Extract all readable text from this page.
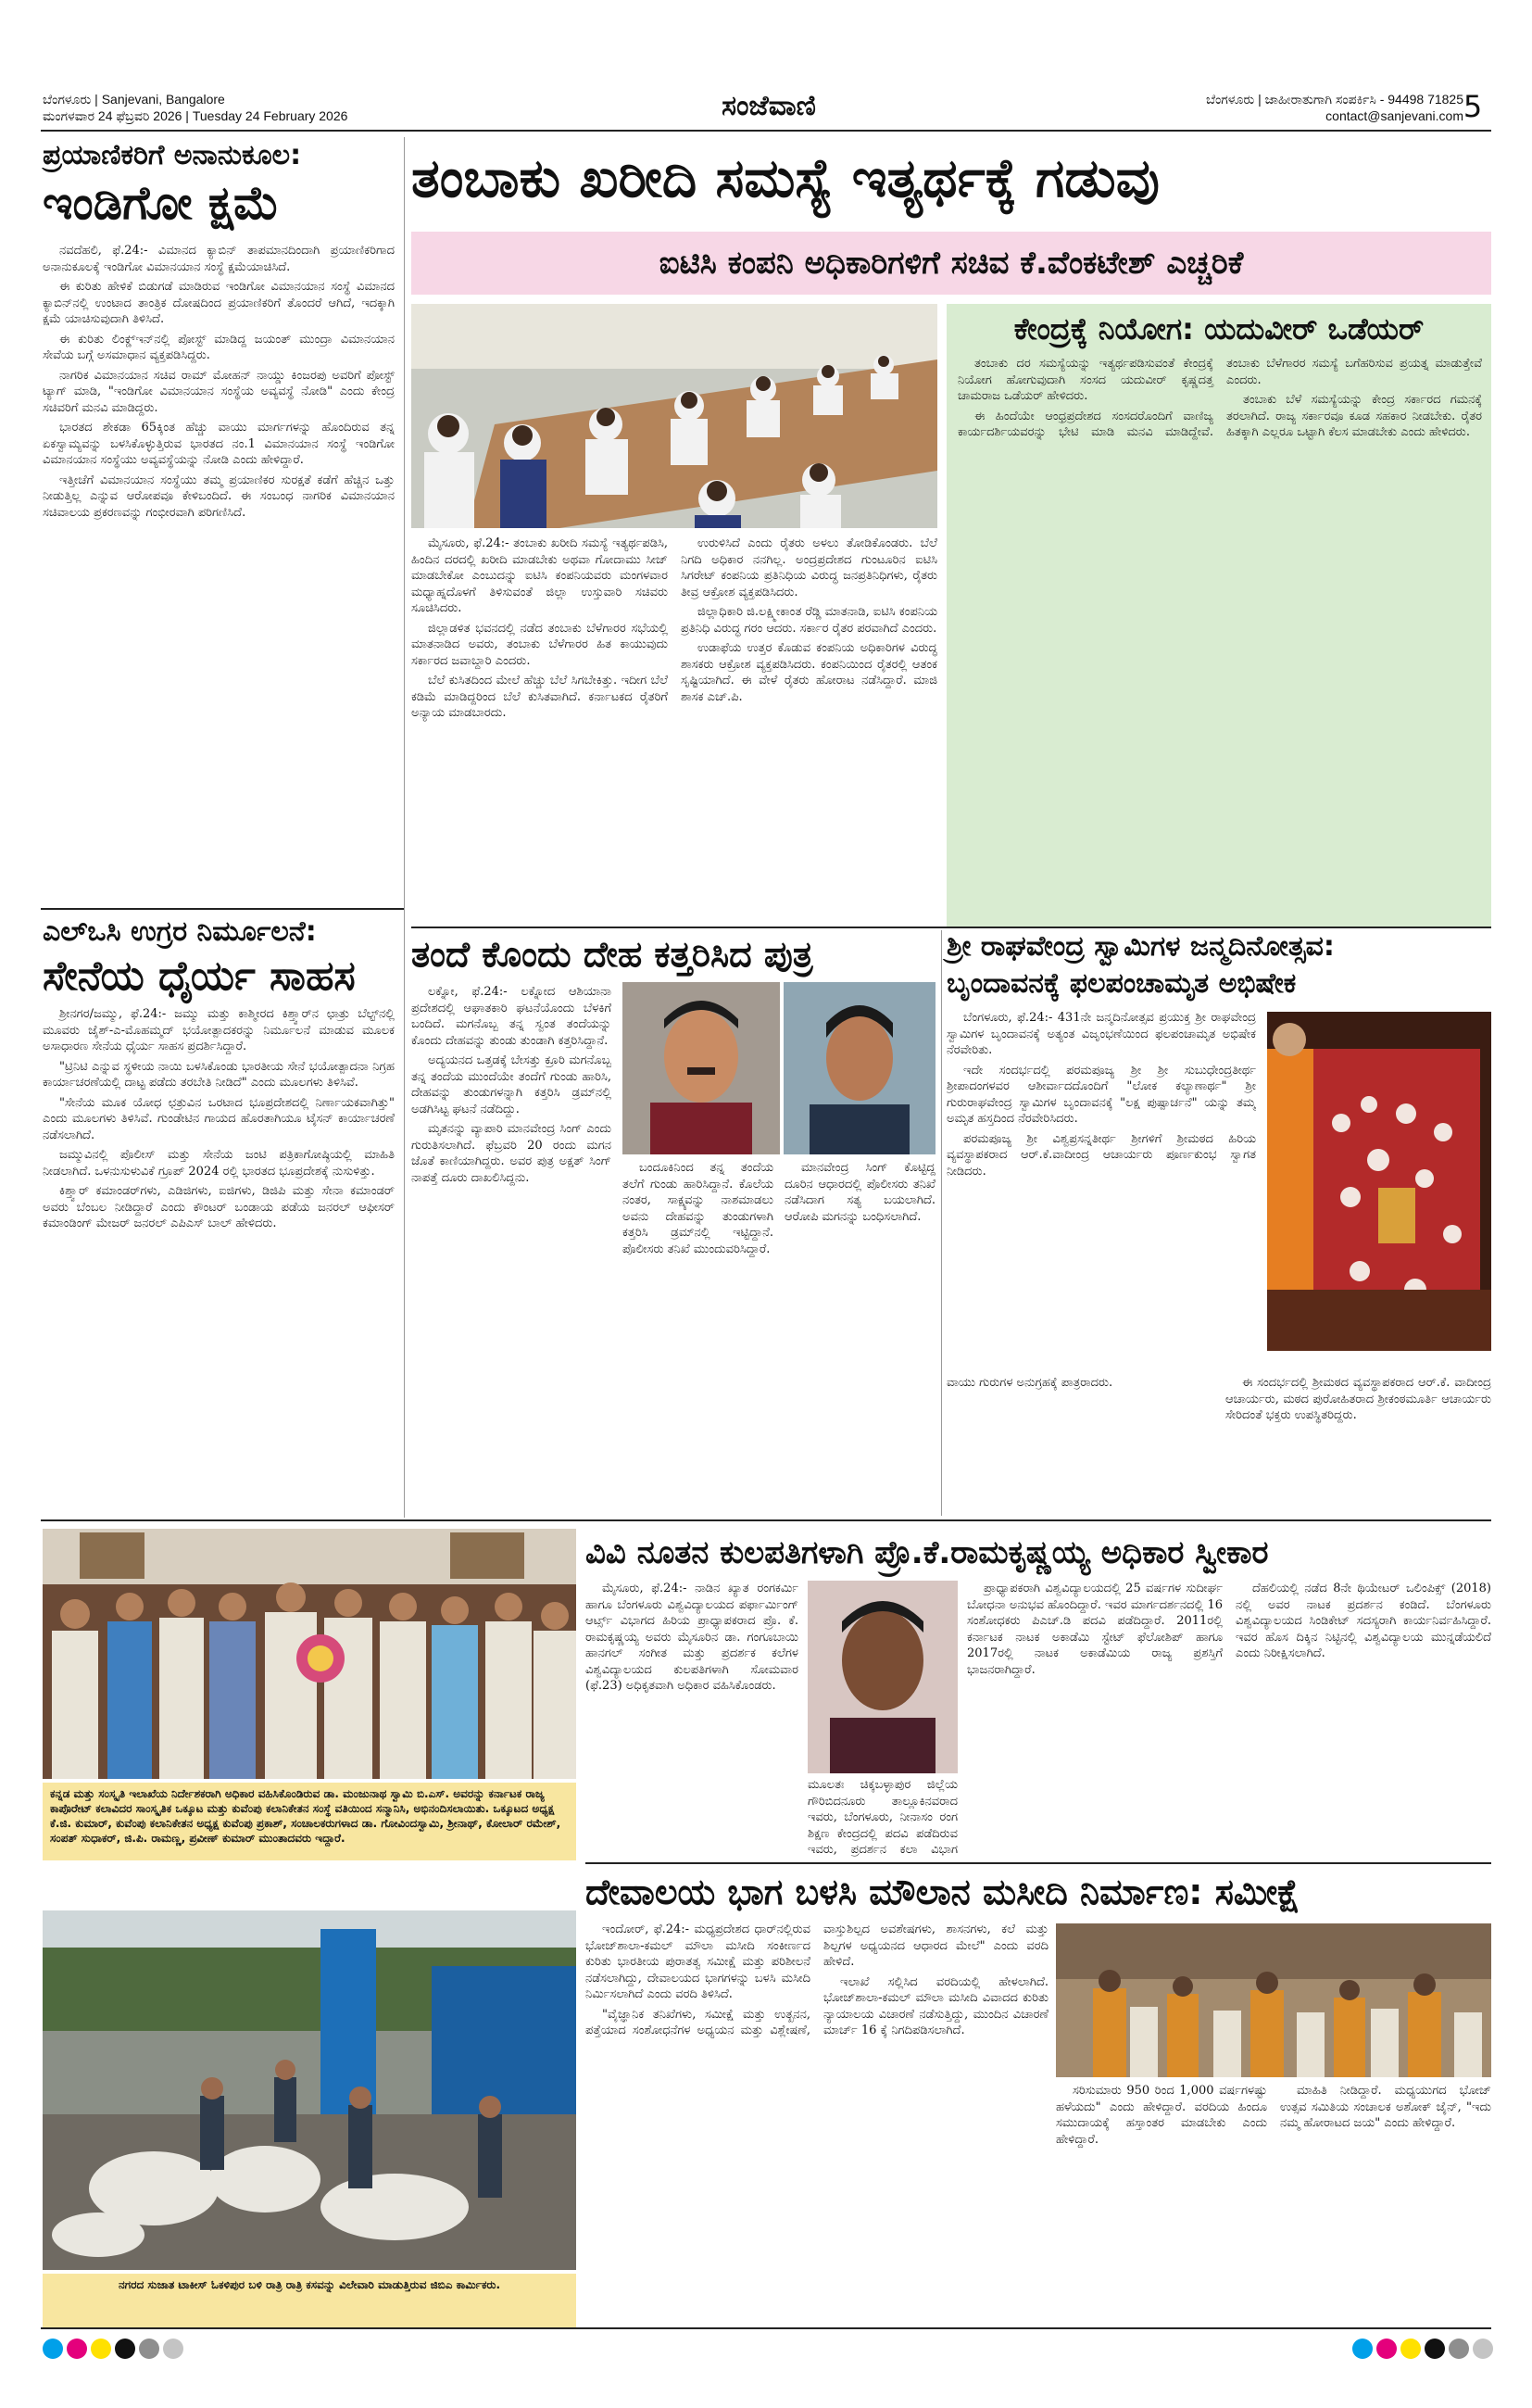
ಬೆಂಗಳೂರು | Sanjevani, Bangalore
ಮಂಗಳವಾರ 24 ಫೆಬ್ರವರಿ 2026 | Tuesday 24 February 2026	ಸಂಜೆವಾಣಿ	ಬೆಂಗಳೂರು | ಜಾಹೀರಾತುಗಾಗಿ ಸಂಪರ್ಕಿಸಿ - 94498 71825
contact@sanjevani.com 5
ಪ್ರಯಾಣಿಕರಿಗೆ ಅನಾನುಕೂಲ:
ಇಂಡಿಗೋ ಕ್ಷಮೆ

ನವದೆಹಲಿ, ಫೆ.24:- ವಿಮಾನದ ಕ್ಯಾಬಿನ್ ತಾಪಮಾನದಿಂದಾಗಿ ಪ್ರಯಾಣಿಕರಿಗಾದ ಅನಾನುಕೂಲಕ್ಕೆ ಇಂಡಿಗೋ ವಿಮಾನಯಾನ ಸಂಸ್ಥೆ ಕ್ಷಮೆಯಾಚಿಸಿದೆ.

ಈ ಕುರಿತು ಹೇಳಿಕೆ ಬಿಡುಗಡೆ ಮಾಡಿರುವ ಇಂಡಿಗೋ ವಿಮಾನಯಾನ ಸಂಸ್ಥೆ ವಿಮಾನದ ಕ್ಯಾಬಿನ್‌ನಲ್ಲಿ ಉಂಟಾದ ತಾಂತ್ರಿಕ ದೋಷದಿಂದ ಪ್ರಯಾಣಿಕರಿಗೆ ತೊಂದರೆ ಆಗಿದೆ, ಇದಕ್ಕಾಗಿ ಕ್ಷಮೆ ಯಾಚಿಸುವುದಾಗಿ ತಿಳಿಸಿದೆ.

ಈ ಕುರಿತು ಲಿಂಕ್ಡ್‌ಇನ್‌ನಲ್ಲಿ ಪೋಸ್ಟ್ ಮಾಡಿದ್ದ ಜಯಂತ್ ಮುಂದ್ರಾ ವಿಮಾನಯಾನ ಸೇವೆಯ ಬಗ್ಗೆ ಅಸಮಾಧಾನ ವ್ಯಕ್ತಪಡಿಸಿದ್ದರು.

ನಾಗರಿಕ ವಿಮಾನಯಾನ ಸಚಿವ ರಾಮ್ ಮೋಹನ್ ನಾಯ್ಡು ಕಿಂಜರಪು ಅವರಿಗೆ ಪೋಸ್ಟ್ ಟ್ಯಾಗ್ ಮಾಡಿ, "ಇಂಡಿಗೋ ವಿಮಾನಯಾನ ಸಂಸ್ಥೆಯ ಅವ್ಯವಸ್ಥೆ ನೋಡಿ" ಎಂದು ಕೇಂದ್ರ ಸಚಿವರಿಗೆ ಮನವಿ ಮಾಡಿದ್ದರು.

ಭಾರತದ ಶೇಕಡಾ 65ಕ್ಕಿಂತ ಹೆಚ್ಚು ವಾಯು ಮಾರ್ಗಗಳನ್ನು ಹೊಂದಿರುವ ತನ್ನ ಏಕಸ್ವಾಮ್ಯವನ್ನು ಬಳಸಿಕೊಳ್ಳುತ್ತಿರುವ ಭಾರತದ ನಂ.1 ವಿಮಾನಯಾನ ಸಂಸ್ಥೆ ಇಂಡಿಗೋ ವಿಮಾನಯಾನ ಸಂಸ್ಥೆಯು ಅವ್ಯವಸ್ಥೆಯನ್ನು ನೋಡಿ ಎಂದು ಹೇಳಿದ್ದಾರೆ.

ಇತ್ತೀಚೆಗೆ ವಿಮಾನಯಾನ ಸಂಸ್ಥೆಯು ತಮ್ಮ ಪ್ರಯಾಣಿಕರ ಸುರಕ್ಷತೆ ಕಡೆಗೆ ಹೆಚ್ಚಿನ ಒತ್ತು ನೀಡುತ್ತಿಲ್ಲ ಎನ್ನುವ ಆರೋಪವೂ ಕೇಳಿಬಂದಿದೆ. ಈ ಸಂಬಂಧ ನಾಗರಿಕ ವಿಮಾನಯಾನ ಸಚಿವಾಲಯ ಪ್ರಕರಣವನ್ನು ಗಂಭೀರವಾಗಿ ಪರಿಗಣಿಸಿದೆ.

ಎಲ್‌ಒಸಿ ಉಗ್ರರ ನಿರ್ಮೂಲನೆ:
ಸೇನೆಯ ಧೈರ್ಯ ಸಾಹಸ

ಶ್ರೀನಗರ/ಜಮ್ಮು, ಫೆ.24:- ಜಮ್ಮು ಮತ್ತು ಕಾಶ್ಮೀರದ ಕಿಶ್ತ್ವಾರ್‌ನ ಛಾತ್ರು ಬೆಲ್ಟ್‌ನಲ್ಲಿ ಮೂವರು ಜೈಶ್-ಎ-ಮೊಹಮ್ಮದ್ ಭಯೋತ್ಪಾದಕರನ್ನು ನಿರ್ಮೂಲನೆ ಮಾಡುವ ಮೂಲಕ ಅಸಾಧಾರಣ ಸೇನೆಯ ಧೈರ್ಯ ಸಾಹಸ ಪ್ರದರ್ಶಿಸಿದ್ದಾರೆ.

"ಟ್ರಿನಿಟಿ ಎನ್ನುವ ಸ್ಥಳೀಯ ನಾಯಿ ಬಳಸಿಕೊಂಡು ಭಾರತೀಯ ಸೇನೆ ಭಯೋತ್ಪಾದನಾ ನಿಗ್ರಹ ಕಾರ್ಯಾಚರಣೆಯಲ್ಲಿ ದಾಟ್ಟ ಪಡೆದು ತರಬೇತಿ ನೀಡಿದೆ" ಎಂದು ಮೂಲಗಳು ತಿಳಿಸಿವೆ.

"ಸೇನೆಯ ಮೂಕ ಯೋಧ ಛತ್ರುವಿನ ಒರಟಾದ ಭೂಪ್ರದೇಶದಲ್ಲಿ ನಿರ್ಣಾಯಕವಾಗಿತ್ತು" ಎಂದು ಮೂಲಗಳು ತಿಳಿಸಿವೆ. ಗುಂಡೇಟಿನ ಗಾಯದ ಹೊರತಾಗಿಯೂ ಟೈಸನ್ ಕಾರ್ಯಾಚರಣೆ ನಡೆಸಲಾಗಿದೆ.

ಜಮ್ಮುವಿನಲ್ಲಿ ಪೊಲೀಸ್ ಮತ್ತು ಸೇನೆಯ ಜಂಟಿ ಪತ್ರಿಕಾಗೋಷ್ಠಿಯಲ್ಲಿ ಮಾಹಿತಿ ನೀಡಲಾಗಿದೆ. ಒಳನುಸುಳುವಿಕೆ ಗ್ರೂಪ್ 2024 ರಲ್ಲಿ ಭಾರತದ ಭೂಪ್ರದೇಶಕ್ಕೆ ನುಸುಳಿತ್ತು.

ಕಿಶ್ತ್ವಾರ್ ಕಮಾಂಡರ್‌ಗಳು, ಎಡಿಜಿಗಳು, ಐಜಿಗಳು, ಡಿಜಿಪಿ ಮತ್ತು ಸೇನಾ ಕಮಾಂಡರ್ ಅವರು ಬೆಂಬಲ ನೀಡಿದ್ದಾರೆ ಎಂದು ಕೌಂಟರ್ ಬಂಡಾಯ ಪಡೆಯ ಜನರಲ್ ಆಫೀಸರ್ ಕಮಾಂಡಿಂಗ್ ಮೇಜರ್ ಜನರಲ್ ಎಪಿಎಸ್ ಬಾಲ್ ಹೇಳಿದರು.

ತಂಬಾಕು ಖರೀದಿ ಸಮಸ್ಯೆ ಇತ್ಯರ್ಥಕ್ಕೆ ಗಡುವು
ಐಟಿಸಿ ಕಂಪನಿ ಅಧಿಕಾರಿಗಳಿಗೆ ಸಚಿವ ಕೆ.ವೆಂಕಟೇಶ್ ಎಚ್ಚರಿಕೆ

ಮೈಸೂರು, ಫೆ.24:- ತಂಬಾಕು ಖರೀದಿ ಸಮಸ್ಯೆ ಇತ್ಯರ್ಥಪಡಿಸಿ, ಹಿಂದಿನ ದರದಲ್ಲಿ ಖರೀದಿ ಮಾಡಬೇಕು ಅಥವಾ ಗೋದಾಮು ಸೀಜ್ ಮಾಡಬೇಕೋ ಎಂಬುದನ್ನು ಐಟಿಸಿ ಕಂಪನಿಯವರು ಮಂಗಳವಾರ ಮಧ್ಯಾಹ್ನದೊಳಗೆ ತಿಳಿಸುವಂತೆ ಜಿಲ್ಲಾ ಉಸ್ತುವಾರಿ ಸಚಿವರು ಸೂಚಿಸಿದರು.

ಜಿಲ್ಲಾಡಳಿತ ಭವನದಲ್ಲಿ ನಡೆದ ತಂಬಾಕು ಬೆಳೆಗಾರರ ಸಭೆಯಲ್ಲಿ ಮಾತನಾಡಿದ ಅವರು, ತಂಬಾಕು ಬೆಳೆಗಾರರ ಹಿತ ಕಾಯುವುದು ಸರ್ಕಾರದ ಜವಾಬ್ದಾರಿ ಎಂದರು.

ಬೆಲೆ ಕುಸಿತದಿಂದ ಮೇಲೆ ಹೆಚ್ಚು ಬೆಲೆ ಸಿಗಬೇಕಿತ್ತು. ಇದೀಗ ಬೆಲೆ ಕಡಿಮೆ ಮಾಡಿದ್ದರಿಂದ ಬೆಲೆ ಕುಸಿತವಾಗಿದೆ. ಕರ್ನಾಟಕದ ರೈತರಿಗೆ ಅನ್ಯಾಯ ಮಾಡಬಾರದು.

ಉರುಳಿಸಿದೆ ಎಂದು ರೈತರು ಅಳಲು ತೋಡಿಕೊಂಡರು. ಬೆಲೆ ನಿಗದಿ ಅಧಿಕಾರ ನನಗಿಲ್ಲ. ಅಂದ್ರಪ್ರದೇಶದ ಗುಂಟೂರಿನ ಐಟಿಸಿ ಸಿಗರೇಟ್ ಕಂಪನಿಯ ಪ್ರತಿನಿಧಿಯ ವಿರುದ್ಧ ಜನಪ್ರತಿನಿಧಿಗಳು, ರೈತರು ತೀವ್ರ ಆಕ್ರೋಶ ವ್ಯಕ್ತಪಡಿಸಿದರು.

ಜಿಲ್ಲಾಧಿಕಾರಿ ಜಿ.ಲಕ್ಷ್ಮೀಕಾಂತ ರೆಡ್ಡಿ ಮಾತನಾಡಿ, ಐಟಿಸಿ ಕಂಪನಿಯ ಪ್ರತಿನಿಧಿ ವಿರುದ್ಧ ಗರಂ ಆದರು. ಸರ್ಕಾರ ರೈತರ ಪರವಾಗಿದೆ ಎಂದರು.

ಉಡಾಫೆಯ ಉತ್ತರ ಕೊಡುವ ಕಂಪನಿಯ ಅಧಿಕಾರಿಗಳ ವಿರುದ್ಧ ಶಾಸಕರು ಆಕ್ರೋಶ ವ್ಯಕ್ತಪಡಿಸಿದರು. ಕಂಪನಿಯಿಂದ ರೈತರಲ್ಲಿ ಆತಂಕ ಸೃಷ್ಟಿಯಾಗಿದೆ. ಈ ವೇಳೆ ರೈತರು ಹೋರಾಟ ನಡೆಸಿದ್ದಾರೆ. ಮಾಜಿ ಶಾಸಕ ಎಚ್.ಪಿ.

ಕೇಂದ್ರಕ್ಕೆ ನಿಯೋಗ: ಯದುವೀರ್ ಒಡೆಯರ್

ತಂಬಾಕು ದರ ಸಮಸ್ಯೆಯನ್ನು ಇತ್ಯರ್ಥಪಡಿಸುವಂತೆ ಕೇಂದ್ರಕ್ಕೆ ನಿಯೋಗ ಹೋಗುವುದಾಗಿ ಸಂಸದ ಯದುವೀರ್ ಕೃಷ್ಣದತ್ತ ಚಾಮರಾಜ ಒಡೆಯರ್ ಹೇಳಿದರು.

ಈ ಹಿಂದೆಯೇ ಆಂಧ್ರಪ್ರದೇಶದ ಸಂಸದರೊಂದಿಗೆ ವಾಣಿಜ್ಯ ಕಾರ್ಯದರ್ಶಿಯವರನ್ನು ಭೇಟಿ ಮಾಡಿ ಮನವಿ ಮಾಡಿದ್ದೇವೆ. ತಂಬಾಕು ಬೆಳೆಗಾರರ ಸಮಸ್ಯೆ ಬಗೆಹರಿಸುವ ಪ್ರಯತ್ನ ಮಾಡುತ್ತೇವೆ ಎಂದರು.

ತಂಬಾಕು ಬೆಳೆ ಸಮಸ್ಯೆಯನ್ನು ಕೇಂದ್ರ ಸರ್ಕಾರದ ಗಮನಕ್ಕೆ ತರಲಾಗಿದೆ. ರಾಜ್ಯ ಸರ್ಕಾರವೂ ಕೂಡ ಸಹಕಾರ ನೀಡಬೇಕು. ರೈತರ ಹಿತಕ್ಕಾಗಿ ಎಲ್ಲರೂ ಒಟ್ಟಾಗಿ ಕೆಲಸ ಮಾಡಬೇಕು ಎಂದು ಹೇಳಿದರು.

ತಂದೆ ಕೊಂದು ದೇಹ ಕತ್ತರಿಸಿದ ಪುತ್ರ

ಲಕ್ನೋ, ಫೆ.24:- ಲಕ್ನೋದ ಆಶಿಯಾನಾ ಪ್ರದೇಶದಲ್ಲಿ ಆಘಾತಕಾರಿ ಘಟನೆಯೊಂದು ಬೆಳಕಿಗೆ ಬಂದಿದೆ. ಮಗನೊಬ್ಬ ತನ್ನ ಸ್ವಂತ ತಂದೆಯನ್ನು ಕೊಂದು ದೇಹವನ್ನು ತುಂಡು ತುಂಡಾಗಿ ಕತ್ತರಿಸಿದ್ದಾನೆ.

ಅದ್ಯಯನದ ಒತ್ತಡಕ್ಕೆ ಬೇಸತ್ತು ಕ್ರೂರಿ ಮಗನೊಬ್ಬ ತನ್ನ ತಂದೆಯ ಮುಂದೆಯೇ ತಂದೆಗೆ ಗುಂಡು ಹಾರಿಸಿ, ದೇಹವನ್ನು ತುಂಡುಗಳನ್ನಾಗಿ ಕತ್ತರಿಸಿ ಡ್ರಮ್‌ನಲ್ಲಿ ಅಡಗಿಸಿಟ್ಟ ಘಟನೆ ನಡೆದಿದ್ದು.

ಮೃತನನ್ನು ವ್ಯಾಪಾರಿ ಮಾನವೇಂದ್ರ ಸಿಂಗ್ ಎಂದು ಗುರುತಿಸಲಾಗಿದೆ. ಫೆಬ್ರವರಿ 20 ರಂದು ಮಗನ ಜೊತೆ ಕಾಣಿಯಾಗಿದ್ದರು. ಅವರ ಪುತ್ರ ಅಕ್ಷತ್ ಸಿಂಗ್ ನಾಪತ್ತೆ ದೂರು ದಾಖಲಿಸಿದ್ದನು.

ಬಂದೂಕಿನಿಂದ ತನ್ನ ತಂದೆಯ ತಲೆಗೆ ಗುಂಡು ಹಾರಿಸಿದ್ದಾನೆ. ಕೊಲೆಯ ನಂತರ, ಸಾಕ್ಷ್ಯವನ್ನು ನಾಶಮಾಡಲು ಅವನು ದೇಹವನ್ನು ತುಂಡುಗಳಾಗಿ ಕತ್ತರಿಸಿ ಡ್ರಮ್‌ನಲ್ಲಿ ಇಟ್ಟಿದ್ದಾನೆ. ಪೊಲೀಸರು ತನಿಖೆ ಮುಂದುವರಿಸಿದ್ದಾರೆ.

ಮಾನವೇಂದ್ರ ಸಿಂಗ್ ಕೊಟ್ಟಿದ್ದ ದೂರಿನ ಆಧಾರದಲ್ಲಿ ಪೊಲೀಸರು ತನಿಖೆ ನಡೆಸಿದಾಗ ಸತ್ಯ ಬಯಲಾಗಿದೆ. ಆರೋಪಿ ಮಗನನ್ನು ಬಂಧಿಸಲಾಗಿದೆ.

ಶ್ರೀ ರಾಘವೇಂದ್ರ ಸ್ವಾಮಿಗಳ ಜನ್ಮದಿನೋತ್ಸವ:
ಬೃಂದಾವನಕ್ಕೆ ಫಲಪಂಚಾಮೃತ ಅಭಿಷೇಕ

ಬೆಂಗಳೂರು, ಫೆ.24:- 431ನೇ ಜನ್ಮದಿನೋತ್ಸವ ಪ್ರಯುಕ್ತ ಶ್ರೀ ರಾಘವೇಂದ್ರ ಸ್ವಾಮಿಗಳ ಬೃಂದಾವನಕ್ಕೆ ಅತ್ಯಂತ ವಿಜೃಂಭಣೆಯಿಂದ ಫಲಪಂಚಾಮೃತ ಅಭಿಷೇಕ ನೆರವೇರಿತು.

ಇದೇ ಸಂದರ್ಭದಲ್ಲಿ ಪರಮಪೂಜ್ಯ ಶ್ರೀ ಶ್ರೀ ಸುಬುಧೇಂದ್ರತೀರ್ಥ ಶ್ರೀಪಾದಂಗಳವರ ಆಶೀರ್ವಾದದೊಂದಿಗೆ "ಲೋಕ ಕಲ್ಯಾಣಾರ್ಥ" ಶ್ರೀ ಗುರುರಾಘವೇಂದ್ರ ಸ್ವಾಮಿಗಳ ಬೃಂದಾವನಕ್ಕೆ "ಲಕ್ಷ ಪುಷ್ಪಾರ್ಚನೆ" ಯನ್ನು ತಮ್ಮ ಅಮೃತ ಹಸ್ತದಿಂದ ನೆರವೇರಿಸಿದರು.

ಪರಮಪೂಜ್ಯ ಶ್ರೀ ವಿಶ್ವಪ್ರಸನ್ನತೀರ್ಥ ಶ್ರೀಗಳಿಗೆ ಶ್ರೀಮಠದ ಹಿರಿಯ ವ್ಯವಸ್ಥಾಪಕರಾದ ಆರ್.ಕೆ.ವಾದೀಂದ್ರ ಆಚಾರ್ಯರು ಪೂರ್ಣಕುಂಭ ಸ್ವಾಗತ ನೀಡಿದರು.

ವಾಯು ಗುರುಗಳ ಅನುಗ್ರಹಕ್ಕೆ ಪಾತ್ರರಾದರು.	ಈ ಸಂದರ್ಭದಲ್ಲಿ ಶ್ರೀಮಠದ ವ್ಯವಸ್ಥಾಪಕರಾದ ಆರ್.ಕೆ. ವಾದೀಂದ್ರ ಆಚಾರ್ಯರು, ಮಠದ ಪುರೋಹಿತರಾದ ಶ್ರೀಕಂಠಮೂರ್ತಿ ಆಚಾರ್ಯರು ಸೇರಿದಂತೆ ಭಕ್ತರು ಉಪಸ್ಥಿತರಿದ್ದರು.

ಕನ್ನಡ ಮತ್ತು ಸಂಸ್ಕೃತಿ ಇಲಾಖೆಯ ನಿರ್ದೇಶಕರಾಗಿ ಅಧಿಕಾರ ವಹಿಸಿಕೊಂಡಿರುವ ಡಾ. ಮಂಜುನಾಥ ಸ್ವಾಮಿ ಬಿ.ಎಸ್. ಅವರನ್ನು ಕರ್ನಾಟಕ ರಾಜ್ಯ ಕಾಪೊರೇಟ್ ಕಲಾವಿದರ ಸಾಂಸ್ಕೃತಿಕ ಒಕ್ಕೂಟ ಮತ್ತು ಕುವೆಂಪು ಕಲಾನಿಕೇತನ ಸಂಸ್ಥೆ ವತಿಯಿಂದ ಸನ್ಮಾನಿಸಿ, ಅಭಿನಂದಿಸಲಾಯಿತು. ಒಕ್ಕೂಟದ ಅಧ್ಯಕ್ಷ ಕೆ.ಜಿ. ಕುಮಾರ್, ಕುವೆಂಪು ಕಲಾನಿಕೇತನ ಅಧ್ಯಕ್ಷ ಕುವೆಂಪು ಪ್ರಕಾಶ್, ಸಂಚಾಲಕರುಗಳಾದ ಡಾ. ಗೋವಿಂದಸ್ವಾಮಿ, ಶ್ರೀನಾಥ್, ಕೋಲಾರ್ ರಮೇಶ್, ಸಂಪತ್ ಸುಧಾಕರ್, ಜಿ.ಪಿ. ರಾಮಣ್ಣ, ಪ್ರವೀಣ್ ಕುಮಾರ್ ಮುಂತಾದವರು ಇದ್ದಾರೆ.
ವಿವಿ ನೂತನ ಕುಲಪತಿಗಳಾಗಿ ಪ್ರೊ.ಕೆ.ರಾಮಕೃಷ್ಣಯ್ಯ ಅಧಿಕಾರ ಸ್ವೀಕಾರ

ಮೈಸೂರು, ಫೆ.24:- ನಾಡಿನ ಖ್ಯಾತ ರಂಗಕರ್ಮಿ ಹಾಗೂ ಬೆಂಗಳೂರು ವಿಶ್ವವಿದ್ಯಾಲಯದ ಪರ್ಫಾರ್ಮಿಂಗ್ ಆರ್ಟ್ಸ್ ವಿಭಾಗದ ಹಿರಿಯ ಪ್ರಾಧ್ಯಾಪಕರಾದ ಪ್ರೊ. ಕೆ. ರಾಮಕೃಷ್ಣಯ್ಯ ಅವರು ಮೈಸೂರಿನ ಡಾ. ಗಂಗೂಬಾಯಿ ಹಾನಗಲ್ ಸಂಗೀತ ಮತ್ತು ಪ್ರದರ್ಶಕ ಕಲೆಗಳ ವಿಶ್ವವಿದ್ಯಾಲಯದ ಕುಲಪತಿಗಳಾಗಿ ಸೋಮವಾರ (ಫೆ.23) ಅಧಿಕೃತವಾಗಿ ಅಧಿಕಾರ ವಹಿಸಿಕೊಂಡರು.

ಮೂಲತಃ ಚಿಕ್ಕಬಳ್ಳಾಪುರ ಜಿಲ್ಲೆಯ ಗೌರಿಬಿದನೂರು ತಾಲ್ಲೂಕಿನವರಾದ ಇವರು, ಬೆಂಗಳೂರು, ನೀನಾಸಂ ರಂಗ ಶಿಕ್ಷಣ ಕೇಂದ್ರದಲ್ಲಿ ಪದವಿ ಪಡೆದಿರುವ ಇವರು, ಪ್ರದರ್ಶನ ಕಲಾ ವಿಭಾಗ

ಪ್ರಾಧ್ಯಾಪಕರಾಗಿ ವಿಶ್ವವಿದ್ಯಾಲಯದಲ್ಲಿ 25 ವರ್ಷಗಳ ಸುದೀರ್ಘ ಬೋಧನಾ ಅನುಭವ ಹೊಂದಿದ್ದಾರೆ. ಇವರ ಮಾರ್ಗದರ್ಶನದಲ್ಲಿ 16 ಸಂಶೋಧಕರು ಪಿಎಚ್.ಡಿ ಪದವಿ ಪಡೆದಿದ್ದಾರೆ. 2011ರಲ್ಲಿ ಕರ್ನಾಟಕ ನಾಟಕ ಅಕಾಡೆಮಿ ಸ್ಟೇಟ್ ಫೆಲೋಶಿಪ್ ಹಾಗೂ 2017ರಲ್ಲಿ ನಾಟಕ ಅಕಾಡೆಮಿಯ ರಾಜ್ಯ ಪ್ರಶಸ್ತಿಗೆ ಭಾಜನರಾಗಿದ್ದಾರೆ.

ದೆಹಲಿಯಲ್ಲಿ ನಡೆದ 8ನೇ ಥಿಯೇಟರ್ ಒಲಿಂಪಿಕ್ಸ್ (2018) ನಲ್ಲಿ ಅವರ ನಾಟಕ ಪ್ರದರ್ಶನ ಕಂಡಿದೆ. ಬೆಂಗಳೂರು ವಿಶ್ವವಿದ್ಯಾಲಯದ ಸಿಂಡಿಕೇಟ್ ಸದಸ್ಯರಾಗಿ ಕಾರ್ಯನಿರ್ವಹಿಸಿದ್ದಾರೆ. ಇವರ ಹೊಸ ದಿಕ್ಕಿನ ನಿಟ್ಟಿನಲ್ಲಿ ವಿಶ್ವವಿದ್ಯಾಲಯ ಮುನ್ನಡೆಯಲಿದೆ ಎಂದು ನಿರೀಕ್ಷಿಸಲಾಗಿದೆ.

ದೇವಾಲಯ ಭಾಗ ಬಳಸಿ ಮೌಲಾನ ಮಸೀದಿ ನಿರ್ಮಾಣ: ಸಮೀಕ್ಷೆ

ಇಂದೋರ್, ಫೆ.24:- ಮಧ್ಯಪ್ರದೇಶದ ಧಾರ್‌ನಲ್ಲಿರುವ ಭೋಜ್‌ಶಾಲಾ-ಕಮಲ್ ಮೌಲಾ ಮಸೀದಿ ಸಂಕೀರ್ಣದ ಕುರಿತು ಭಾರತೀಯ ಪುರಾತತ್ವ ಸಮೀಕ್ಷೆ ಮತ್ತು ಪರಿಶೀಲನೆ ನಡೆಸಲಾಗಿದ್ದು, ದೇವಾಲಯದ ಭಾಗಗಳನ್ನು ಬಳಸಿ ಮಸೀದಿ ನಿರ್ಮಿಸಲಾಗಿದೆ ಎಂದು ವರದಿ ತಿಳಿಸಿದೆ.

"ವೈಜ್ಞಾನಿಕ ತನಿಖೆಗಳು, ಸಮೀಕ್ಷೆ ಮತ್ತು ಉತ್ಖನನ, ಪತ್ತೆಯಾದ ಸಂಶೋಧನೆಗಳ ಅಧ್ಯಯನ ಮತ್ತು ವಿಶ್ಲೇಷಣೆ, ವಾಸ್ತುಶಿಲ್ಪದ ಅವಶೇಷಗಳು, ಶಾಸನಗಳು, ಕಲೆ ಮತ್ತು ಶಿಲ್ಪಗಳ ಅಧ್ಯಯನದ ಆಧಾರದ ಮೇಲೆ" ಎಂದು ವರದಿ ಹೇಳಿದೆ.

ಇಲಾಖೆ ಸಲ್ಲಿಸಿದ ವರದಿಯಲ್ಲಿ ಹೇಳಲಾಗಿದೆ. ಭೋಜ್‌ಶಾಲಾ-ಕಮಲ್ ಮೌಲಾ ಮಸೀದಿ ವಿವಾದದ ಕುರಿತು ನ್ಯಾಯಾಲಯ ವಿಚಾರಣೆ ನಡೆಸುತ್ತಿದ್ದು, ಮುಂದಿನ ವಿಚಾರಣೆ ಮಾರ್ಚ್ 16 ಕ್ಕೆ ನಿಗದಿಪಡಿಸಲಾಗಿದೆ.

ಸರಿಸುಮಾರು 950 ರಿಂದ 1,000 ವರ್ಷಗಳಷ್ಟು ಹಳೆಯದು" ಎಂದು ಹೇಳಿದ್ದಾರೆ. ವರದಿಯ ಹಿಂದೂ ಸಮುದಾಯಕ್ಕೆ ಹಸ್ತಾಂತರ ಮಾಡಬೇಕು ಎಂದು ಹೇಳಿದ್ದಾರೆ.

ಮಾಹಿತಿ ನೀಡಿದ್ದಾರೆ. ಮಧ್ಯಯುಗದ ಭೋಜ್ ಉತ್ಸವ ಸಮಿತಿಯ ಸಂಚಾಲಕ ಅಶೋಕ್ ಜೈನ್, "ಇದು ನಮ್ಮ ಹೋರಾಟದ ಜಯ" ಎಂದು ಹೇಳಿದ್ದಾರೆ.

ನಗರದ ಸುಜಾತ ಟಾಕೀಸ್ ಓಕಳಿಪುರ ಬಳಿ ರಾತ್ರಿ ರಾತ್ರಿ ಕಸವನ್ನು ವಿಲೇವಾರಿ ಮಾಡುತ್ತಿರುವ ಜಿಬಿಎ ಕಾರ್ಮಿಕರು.
